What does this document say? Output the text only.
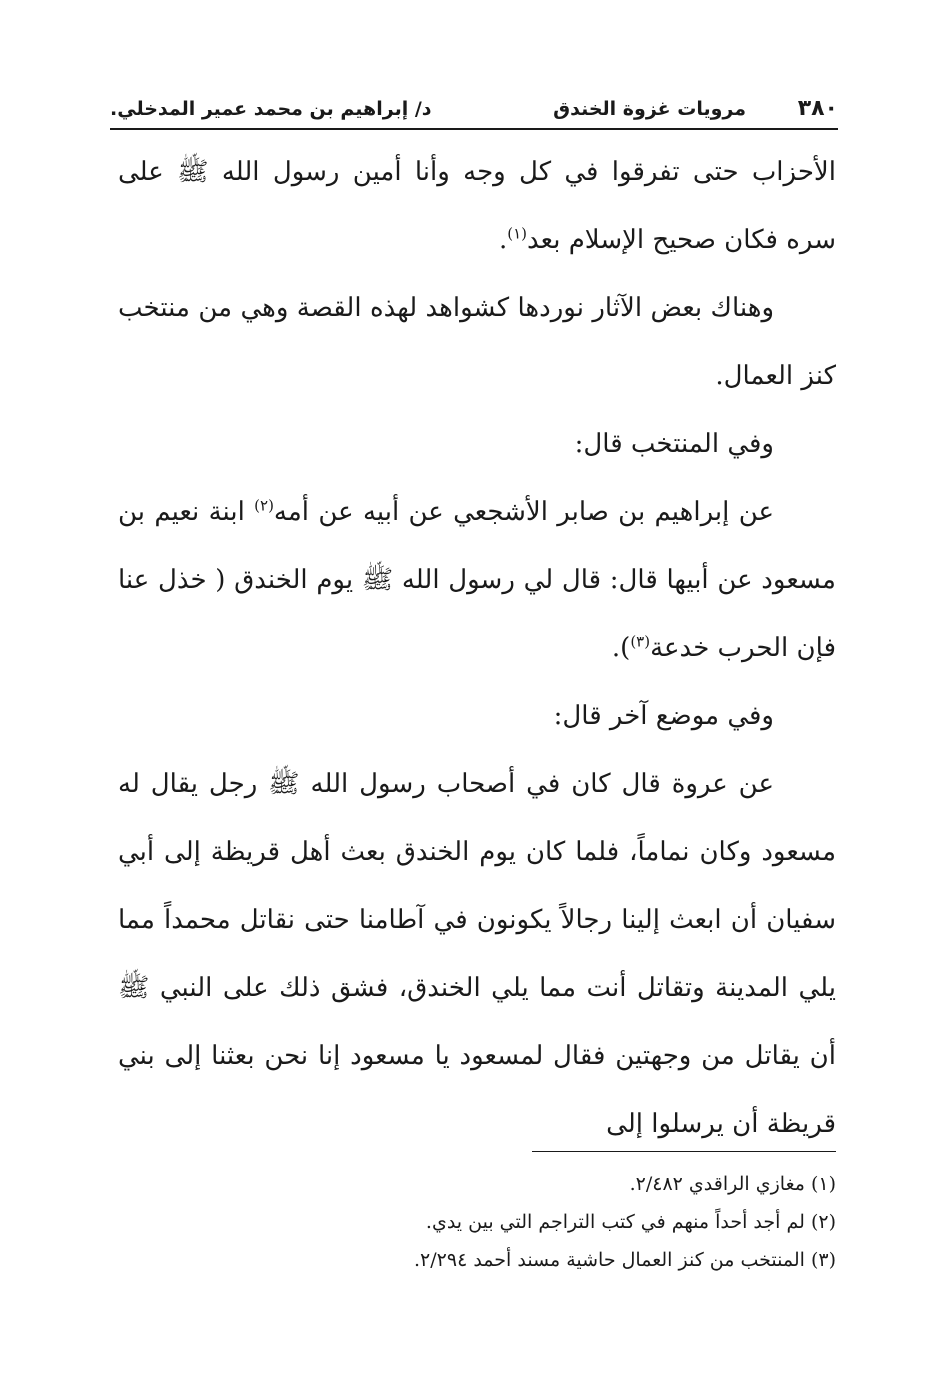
٣٨٠
مرويات غزوة الخندق
د/ إبراهيم بن محمد عمير المدخلي.

الأحزاب حتى تفرقوا في كل وجه وأنا أمين رسول الله ﷺ على سره فكان صحيح الإسلام بعد$^{(١)}$.

وهناك بعض الآثار نوردها كشواهد لهذه القصة وهي من منتخب كنز العمال.

وفي المنتخب قال:

عن إبراهيم بن صابر الأشجعي عن أبيه عن أمه$^{(٢)}$ ابنة نعيم بن مسعود عن أبيها قال: قال لي رسول الله ﷺ يوم الخندق ( خذل عنا فإن الحرب خدعة$^{(٣)}$).

وفي موضع آخر قال:

عن عروة قال كان في أصحاب رسول الله ﷺ رجل يقال له مسعود وكان نماماً، فلما كان يوم الخندق بعث أهل قريظة إلى أبي سفيان أن ابعث إلينا رجالاً يكونون في آطامنا حتى نقاتل محمداً مما يلي المدينة وتقاتل أنت مما يلي الخندق، فشق ذلك على النبي ﷺ أن يقاتل من وجهتين فقال لمسعود يا مسعود إنا نحن بعثنا إلى بني قريظة أن يرسلوا إلى

(١) مغازي الراقدي ٢/٤٨٢.

(٢) لم أجد أحداً منهم في كتب التراجم التي بين يدي.

(٣) المنتخب من كنز العمال حاشية مسند أحمد ٢/٢٩٤.
